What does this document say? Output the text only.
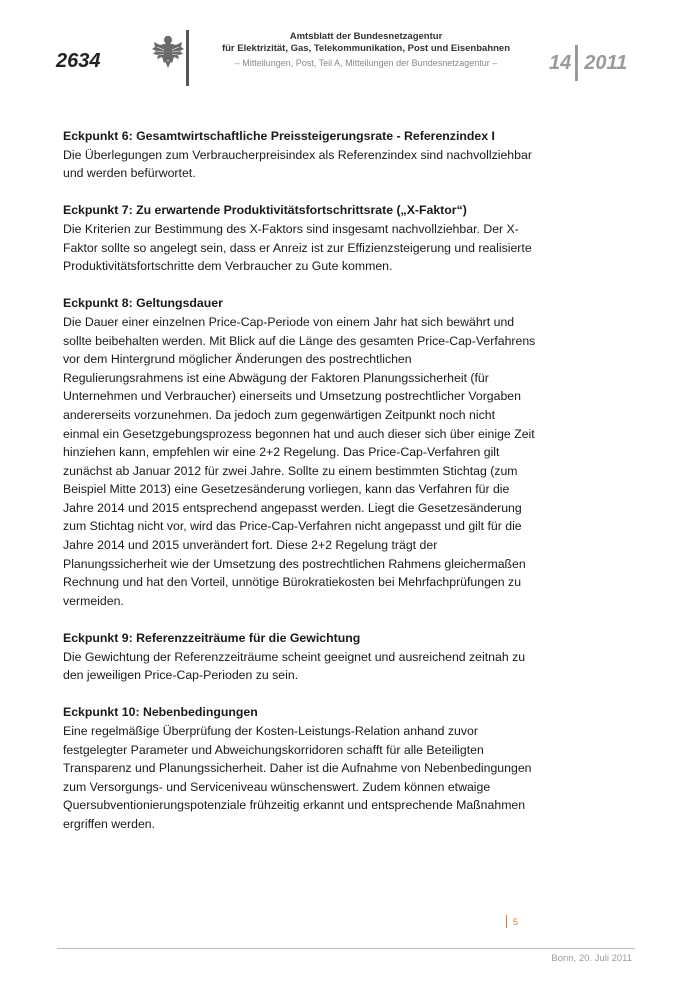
2634
Amtsblatt der Bundesnetzagentur
für Elektrizität, Gas, Telekommunikation, Post und Eisenbahnen
– Mitteilungen, Post, Teil A, Mitteilungen der Bundesnetzagentur –	14 2011
Eckpunkt 6: Gesamtwirtschaftliche Preissteigerungsrate - Referenzindex I

Die Überlegungen zum Verbraucherpreisindex als Referenzindex sind nachvollziehbar
und werden befürwortet.

Eckpunkt 7: Zu erwartende Produktivitätsfortschrittsrate („X-Faktor“)

Die Kriterien zur Bestimmung des X-Faktors sind insgesamt nachvollziehbar. Der X-
Faktor sollte so angelegt sein, dass er Anreiz ist zur Effizienzsteigerung und realisierte
Produktivitätsfortschritte dem Verbraucher zu Gute kommen.

Eckpunkt 8: Geltungsdauer

Die Dauer einer einzelnen Price-Cap-Periode von einem Jahr hat sich bewährt und
sollte beibehalten werden. Mit Blick auf die Länge des gesamten Price-Cap-Verfahrens
vor dem Hintergrund möglicher Änderungen des postrechtlichen
Regulierungsrahmens ist eine Abwägung der Faktoren Planungssicherheit (für
Unternehmen und Verbraucher) einerseits und Umsetzung postrechtlicher Vorgaben
andererseits vorzunehmen. Da jedoch zum gegenwärtigen Zeitpunkt noch nicht
einmal ein Gesetzgebungsprozess begonnen hat und auch dieser sich über einige Zeit
hinziehen kann, empfehlen wir eine 2+2 Regelung. Das Price-Cap-Verfahren gilt
zunächst ab Januar 2012 für zwei Jahre. Sollte zu einem bestimmten Stichtag (zum
Beispiel Mitte 2013) eine Gesetzesänderung vorliegen, kann das Verfahren für die
Jahre 2014 und 2015 entsprechend angepasst werden. Liegt die Gesetzesänderung
zum Stichtag nicht vor, wird das Price-Cap-Verfahren nicht angepasst und gilt für die
Jahre 2014 und 2015 unverändert fort. Diese 2+2 Regelung trägt der
Planungssicherheit wie der Umsetzung des postrechtlichen Rahmens gleichermaßen
Rechnung und hat den Vorteil, unnötige Bürokratiekosten bei Mehrfachprüfungen zu
vermeiden.

Eckpunkt 9: Referenzzeiträume für die Gewichtung

Die Gewichtung der Referenzzeiträume scheint geeignet und ausreichend zeitnah zu
den jeweiligen Price-Cap-Perioden zu sein.

Eckpunkt 10: Nebenbedingungen

Eine regelmäßige Überprüfung der Kosten-Leistungs-Relation anhand zuvor
festgelegter Parameter und Abweichungskorridoren schafft für alle Beteiligten
Transparenz und Planungssicherheit. Daher ist die Aufnahme von Nebenbedingungen
zum Versorgungs- und Serviceniveau wünschenswert. Zudem können etwaige
Quersubventionierungspotenziale frühzeitig erkannt und entsprechende Maßnahmen
ergriffen werden.

5
Bonn, 20. Juli 2011
